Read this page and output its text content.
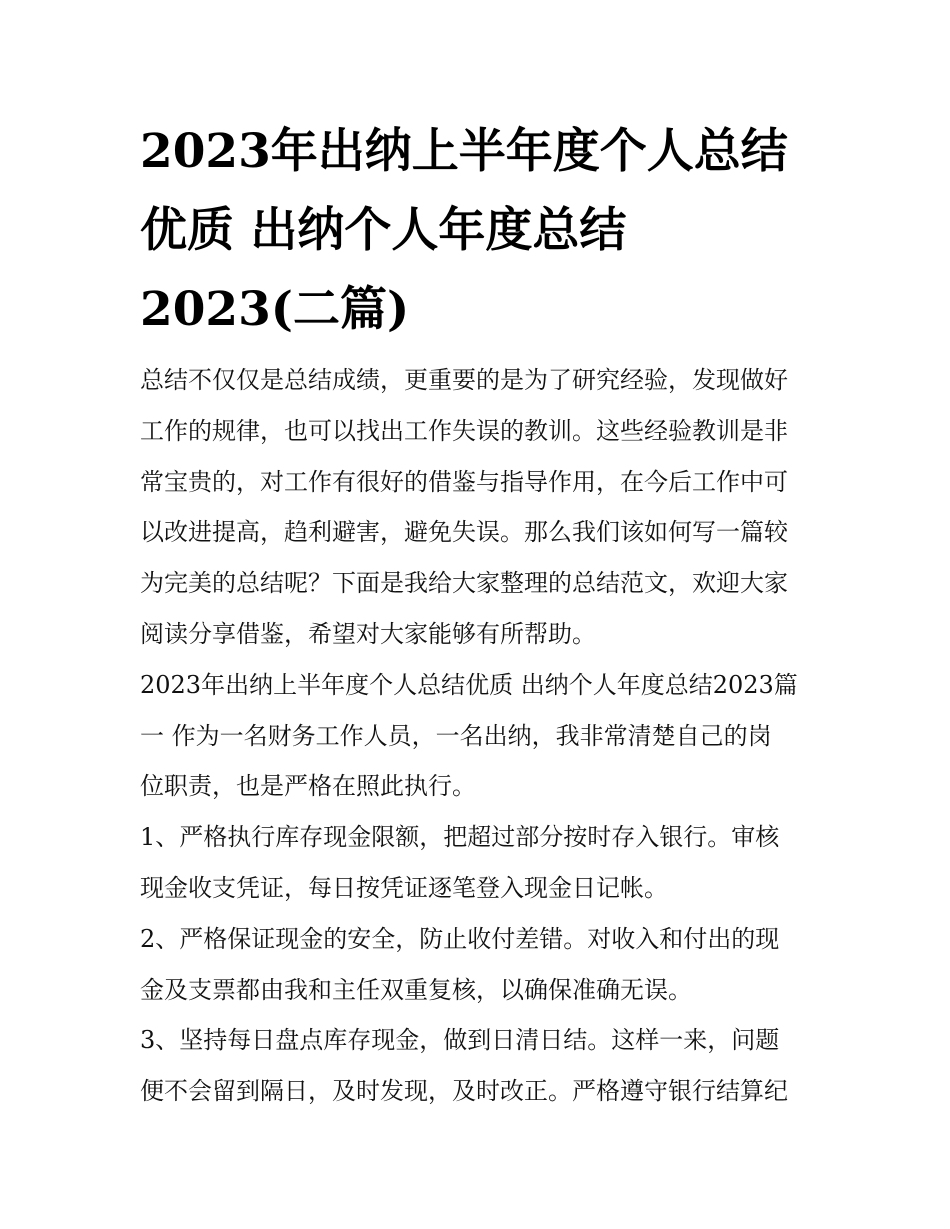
2023年出纳上半年度个人总结
优质 出纳个人年度总结
2023(二篇)

总结不仅仅是总结成绩，更重要的是为了研究经验，发现做好
工作的规律，也可以找出工作失误的教训。这些经验教训是非
常宝贵的，对工作有很好的借鉴与指导作用，在今后工作中可
以改进提高，趋利避害，避免失误。那么我们该如何写一篇较
为完美的总结呢？下面是我给大家整理的总结范文，欢迎大家
阅读分享借鉴，希望对大家能够有所帮助。

2023年出纳上半年度个人总结优质 出纳个人年度总结2023篇
一 作为一名财务工作人员，一名出纳，我非常清楚自己的岗
位职责，也是严格在照此执行。

1、严格执行库存现金限额，把超过部分按时存入银行。审核
现金收支凭证，每日按凭证逐笔登入现金日记帐。

2、严格保证现金的安全，防止收付差错。对收入和付出的现
金及支票都由我和主任双重复核，以确保准确无误。

3、坚持每日盘点库存现金，做到日清日结。这样一来，问题
便不会留到隔日，及时发现，及时改正。严格遵守银行结算纪
